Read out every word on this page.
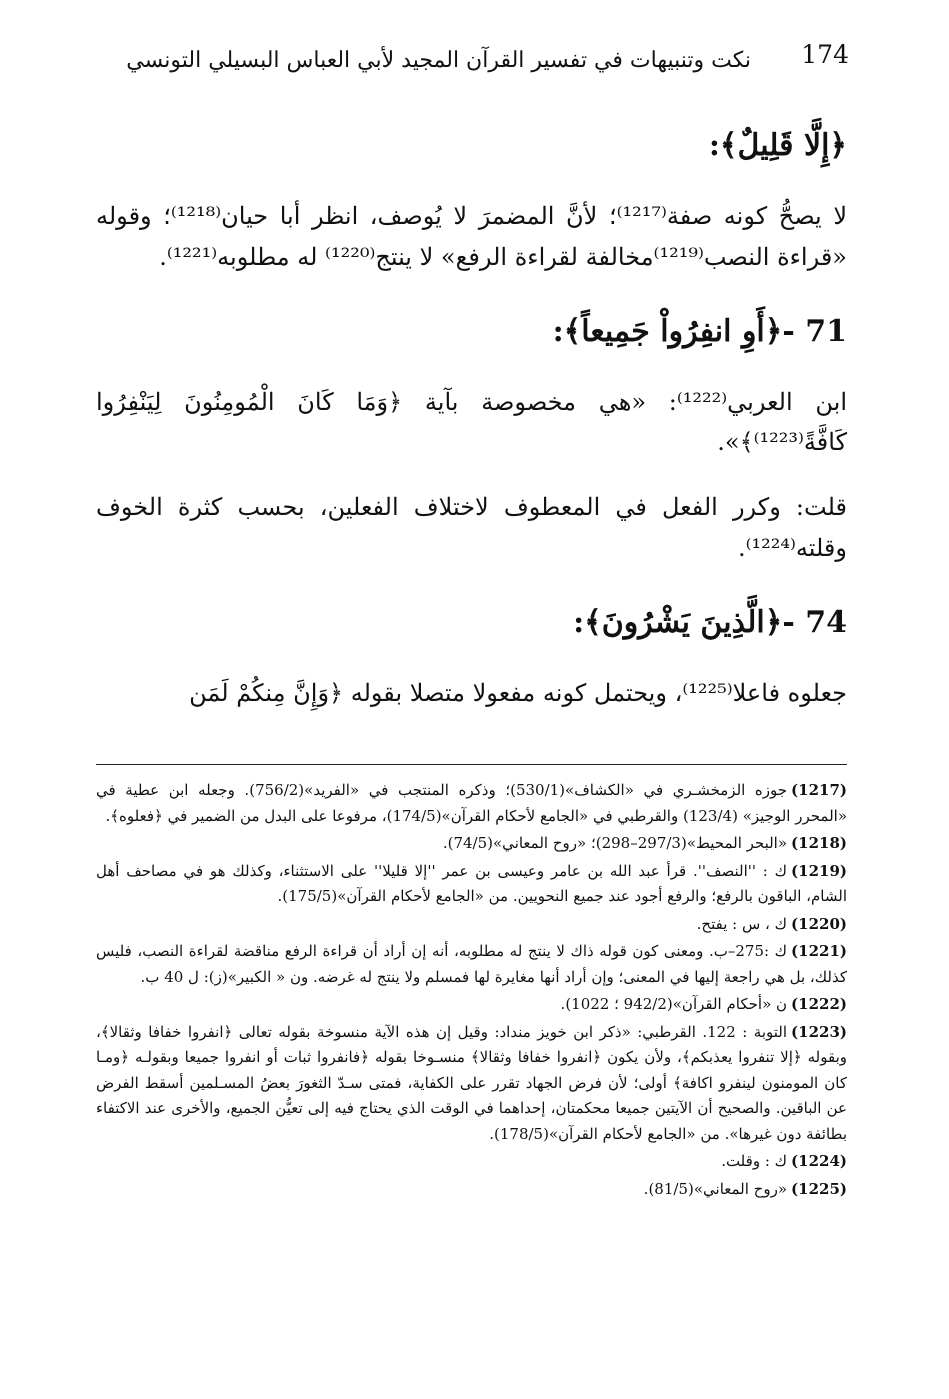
174
نكت وتنبيهات في تفسير القرآن المجيد لأبي العباس البسيلي التونسي
﴿إِلَّا قَلِيلٌ﴾:

لا يصحُّ كونه صفة⁽¹²¹⁷⁾؛ لأنَّ المضمرَ لا يُوصف، انظر أبا حيان⁽¹²¹⁸⁾؛ وقوله «قراءة النصب⁽¹²¹⁹⁾مخالفة لقراءة الرفع» لا ينتج⁽¹²²⁰⁾ له مطلوبه⁽¹²²¹⁾.

71 -﴿أَوِ انفِرُواْ جَمِيعاً﴾:

ابن العربي⁽¹²²²⁾: «هي مخصوصة بآية ﴿وَمَا كَانَ الْمُومِنُونَ لِيَنْفِرُوا كَافَّةً⁽¹²²³⁾﴾».

قلت: وكرر الفعل في المعطوف لاختلاف الفعلين، بحسب كثرة الخوف وقلته⁽¹²²⁴⁾.

74 -﴿الَّذِينَ يَشْرُونَ﴾:

جعلوه فاعلا⁽¹²²⁵⁾، ويحتمل كونه مفعولا متصلا بقوله ﴿وَإِنَّ مِنكُمْ لَمَن

(1217)جوزه الزمخشـري في «الكشاف»(530/1)؛ وذكره المنتجب في «الفريد»(756/2). وجعله ابن عطية في «المحرر الوجيز» (123/4) والقرطبي في «الجامع لأحكام القرآن»(174/5)، مرفوعا على البدل من الضمير في ﴿فعلوه﴾.

(1218)«البحر المحيط»(297/3–298)؛ «روح المعاني»(74/5).

(1219)ك : ''النصف''. قرأ عبد الله بن عامر وعيسى بن عمر ''إلا قليلا'' على الاستثناء، وكذلك هو في مصاحف أهل الشام، الباقون بالرفع؛ والرفع أجود عند جميع النحويين. من «الجامع لأحكام القرآن»(175/5).

(1220)ك ، س : يفتح.

(1221)ك :275–ب. ومعنى كون قوله ذاك لا ينتج له مطلوبه، أنه إن أراد أن قراءة الرفع مناقضة لقراءة النصب، فليس كذلك، بل هي راجعة إليها في المعنى؛ وإن أراد أنها مغايرة لها فمسلم ولا ينتج له غرضه. ون « الكبير»(ز): ل 40 ب.

(1222)ن «أحكام القرآن»(942/2 ؛ 1022).

(1223)التوبة : 122. القرطبي: «ذكر ابن خويز منداد: وقيل إن هذه الآية منسوخة بقوله تعالى ﴿انفروا خفافا وثقالا﴾، وبقوله ﴿إلا تنفروا يعذبكم﴾، ولأن يكون ﴿انفروا خفافا وثقالا﴾ منسـوخا بقوله ﴿فانفروا ثبات أو انفروا جميعا وبقولـه ﴿ومـا كان المومنون لينفرو اكافة﴾ أولى؛ لأن فرض الجهاد تقرر على الكفاية، فمتى سـدّ الثغورَ بعضُ المسـلمين أسقط الفرض عن الباقين. والصحيح أن الآيتين جميعا محكمتان، إحداهما في الوقت الذي يحتاج فيه إلى تعيُّن الجميع، والأخرى عند الاكتفاء بطائفة دون غيرها». من «الجامع لأحكام القرآن»(178/5).

(1224)ك : وقلت.

(1225)«روح المعاني»(81/5).
